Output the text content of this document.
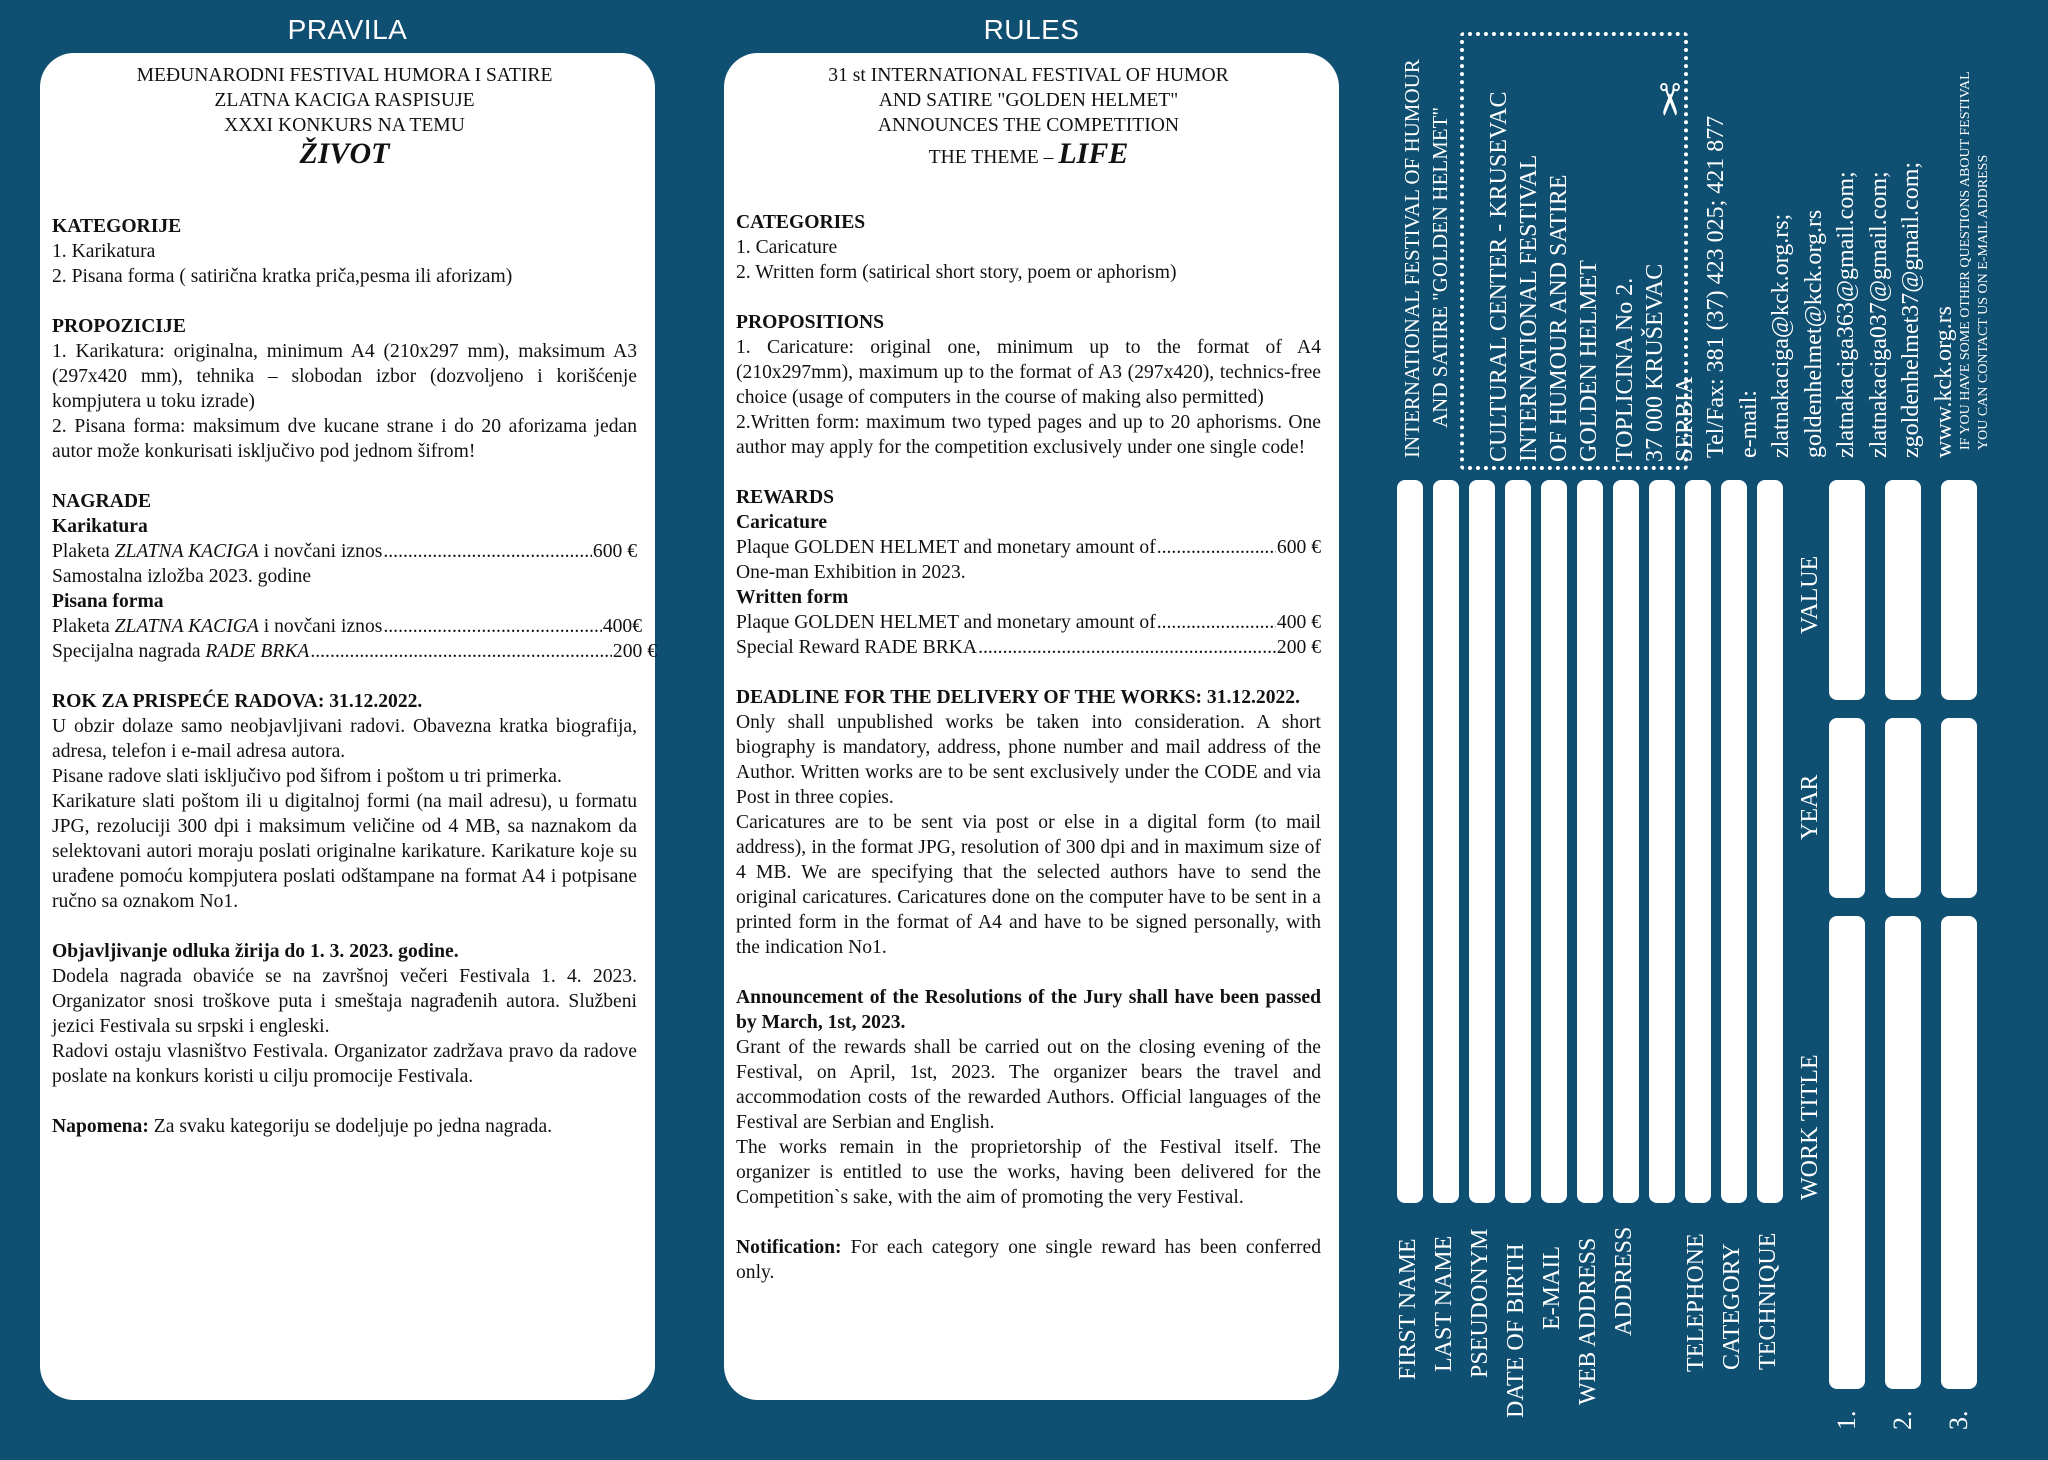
PRAVILA	RULES

MEĐUNARODNI FESTIVAL HUMORA I SATIRE

ZLATNA KACIGA RASPISUJE

XXXI KONKURS NA TEMU

ŽIVOT

KATEGORIJE

1. Karikatura

2. Pisana forma ( satirična kratka priča,pesma ili aforizam)

PROPOZICIJE

1. Karikatura: originalna, minimum A4 (210x297 mm), maksimum A3 (297x420 mm), tehnika – slobodan izbor (dozvoljeno i korišćenje kompjutera u toku izrade)

2. Pisana forma: maksimum dve kucane strane i do 20 aforizama jedan autor može konkurisati isključivo pod jednom šifrom!

NAGRADE

Karikatura

Plaketa ZLATNA KACIGA i novčani iznos .....	600 €

Samostalna izložba 2023. godine

Pisana forma

Plaketa ZLATNA KACIGA i novčani iznos .....	400€
Specijalna nagrada RADE BRKA .....	200 €

ROK ZA PRISPEĆE RADOVA: 31.12.2022.

U obzir dolaze samo neobjavljivani radovi. Obavezna kratka biografija, adresa, telefon i e-mail adresa autora.

Pisane radove slati isključivo pod šifrom i poštom u tri primerka.

Karikature slati poštom ili u digitalnoj formi (na mail adresu), u formatu JPG, rezoluciji 300 dpi i maksimum veličine od 4 MB, sa naznakom da selektovani autori moraju poslati originalne karikature. Karikature koje su urađene pomoću kompjutera poslati odštampane na format A4 i potpisane ručno sa oznakom No1.

Objavljivanje odluka žirija do 1. 3. 2023. godine.

Dodela nagrada obaviće se na završnoj večeri Festivala 1. 4. 2023. Organizator snosi troškove puta i smeštaja nagrađenih autora. Službeni jezici Festivala su srpski i engleski.

Radovi ostaju vlasništvo Festivala. Organizator zadržava pravo da radove poslate na konkurs koristi u cilju promocije Festivala.

Napomena: Za svaku kategoriju se dodeljuje po jedna nagrada.

31 st INTERNATIONAL FESTIVAL OF HUMOR

AND SATIRE "GOLDEN HELMET"

ANNOUNCES THE COMPETITION

THE THEME – LIFE

CATEGORIES

1. Caricature

2. Written form (satirical short story, poem or aphorism)

PROPOSITIONS

1. Caricature: original one, minimum up to the format of A4 (210x297mm), maximum up to the format of A3 (297x420), technics-free choice (usage of computers in the course of making also permitted)

2.Written form: maximum two typed pages and up to 20 aphorisms. One author may apply for the competition exclusively under one single code!

REWARDS

Caricature

Plaque GOLDEN HELMET and monetary amount of .....	600 €

One-man Exhibition in 2023.

Written form

Plaque GOLDEN HELMET and monetary amount of .....	400 €
Special Reward RADE BRKA .....	200 €

DEADLINE FOR THE DELIVERY OF THE WORKS: 31.12.2022.

Only shall unpublished works be taken into consideration. A short biography is mandatory, address, phone number and mail address of the Author. Written works are to be sent exclusively under the CODE and via Post in three copies.

Caricatures are to be sent via post or else in a digital form (to mail address), in the format JPG, resolution of 300 dpi and in maximum size of 4 MB. We are specifying that the selected authors have to send the original caricatures. Caricatures done on the computer have to be sent in a printed form in the format of A4 and have to be signed personally, with the indication No1.

Announcement of the Resolutions of the Jury shall have been passed by March, 1st, 2023.

Grant of the rewards shall be carried out on the closing evening of the Festival, on April, 1st, 2023. The organizer bears the travel and accommodation costs of the rewarded Authors. Official languages of the Festival are Serbian and English.

The works remain in the proprietorship of the Festival itself. The organizer is entitled to use the works, having been delivered for the Competition`s sake, with the aim of promoting the very Festival.

Notification: For each category one single reward has been conferred only.

INTERNATIONAL FESTIVAL OF HUMOUR AND SATIRE "GOLDEN HELMET"
✂
CULTURAL CENTER - KRUSEVAC INTERNATIONAL FESTIVAL OF HUMOUR AND SATIRE GOLDEN HELMET TOPLICINA No 2. 37 000 KRUŠEVAC SERBIA Tel/Fax: 381 (37) 423 025; 421 877 e-mail: zlatnakaciga@kck.org.rs; goldenhelmet@kck.org.rs zlatnakaciga363@gmail.com; zlatnakaciga037@gmail.com; zgoldenhelmet37@gmail.com; www.kck.org.rs IF YOU HAVE SOME OTHER QUESTIONS ABOUT FESTIVAL YOU CAN CONTACT US ON E-MAIL ADDRESS
FIRST NAME LAST NAME PSEUDONYM DATE OF BIRTH E-MAIL WEB ADDRESS ADDRESS TELEPHONE CATEGORY TECHNIQUE
WORK TITLE
YEAR
VALUE
1. 2. 3.
